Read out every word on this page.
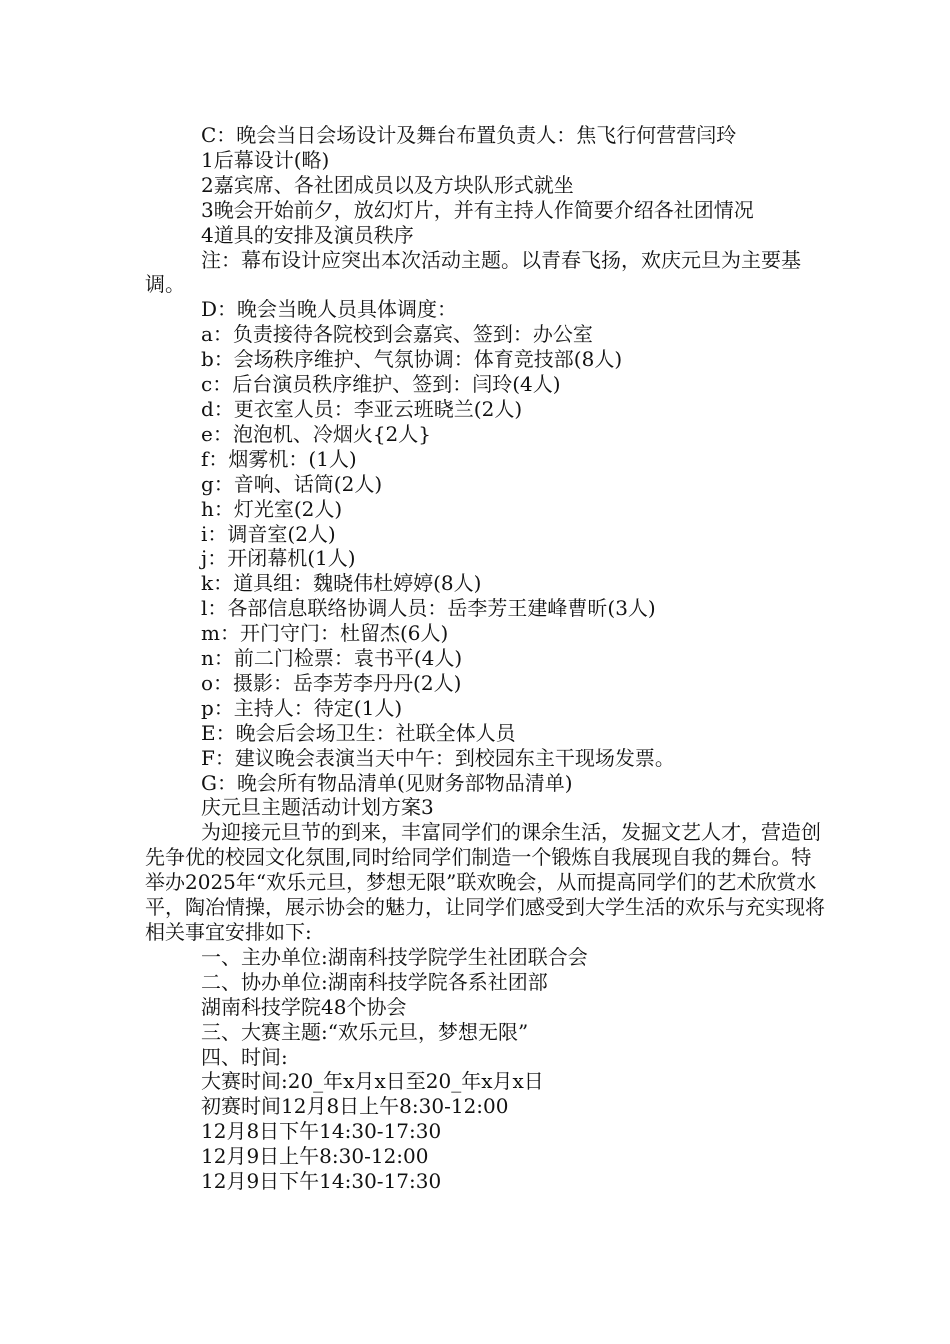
C：晚会当日会场设计及舞台布置负责人：焦飞行何营营闫玲

1后幕设计(略)

2嘉宾席、各社团成员以及方块队形式就坐

3晚会开始前夕，放幻灯片，并有主持人作简要介绍各社团情况

4道具的安排及演员秩序

注：幕布设计应突出本次活动主题。以青春飞扬，欢庆元旦为主要基调。

D：晚会当晚人员具体调度：

a：负责接待各院校到会嘉宾、签到：办公室

b：会场秩序维护、气氛协调：体育竞技部(8人)

c：后台演员秩序维护、签到：闫玲(4人)

d：更衣室人员：李亚云班晓兰(2人)

e：泡泡机、冷烟火{2人}

f：烟雾机：(1人)

g：音响、话筒(2人)

h：灯光室(2人)

i：调音室(2人)

j：开闭幕机(1人)

k：道具组：魏晓伟杜婷婷(8人)

l：各部信息联络协调人员：岳李芳王建峰曹昕(3人)

m：开门守门：杜留杰(6人)

n：前二门检票：袁书平(4人)

o：摄影：岳李芳李丹丹(2人)

p：主持人：待定(1人)

E：晚会后会场卫生：社联全体人员

F：建议晚会表演当天中午：到校园东主干现场发票。

G：晚会所有物品清单(见财务部物品清单)

庆元旦主题活动计划方案3

为迎接元旦节的到来，丰富同学们的课余生活，发掘文艺人才，营造创先争优的校园文化氛围,同时给同学们制造一个锻炼自我展现自我的舞台。特举办2025年“欢乐元旦，梦想无限”联欢晚会，从而提高同学们的艺术欣赏水平，陶冶情操，展示协会的魅力，让同学们感受到大学生活的欢乐与充实现将相关事宜安排如下:

一、主办单位:湖南科技学院学生社团联合会

二、协办单位:湖南科技学院各系社团部

湖南科技学院48个协会

三、大赛主题:“欢乐元旦，梦想无限”

四、时间:

大赛时间:20_年x月x日至20_年x月x日

初赛时间12月8日上午8:30-12:00

12月8日下午14:30-17:30

12月9日上午8:30-12:00

12月9日下午14:30-17:30
